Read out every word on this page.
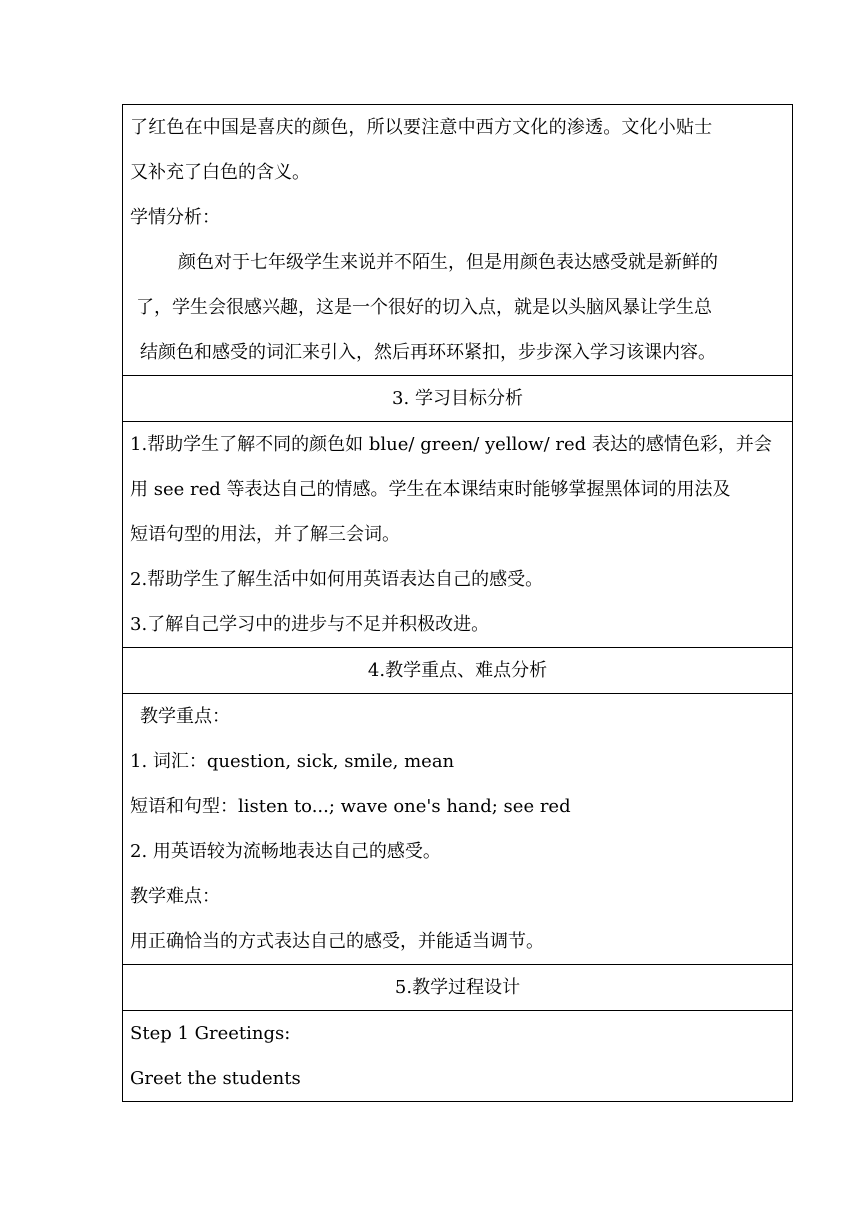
了红色在中国是喜庆的颜色，所以要注意中西方文化的渗透。文化小贴士
又补充了白色的含义。
学情分析：
颜色对于七年级学生来说并不陌生，但是用颜色表达感受就是新鲜的
了，学生会很感兴趣，这是一个很好的切入点，就是以头脑风暴让学生总
结颜色和感受的词汇来引入，然后再环环紧扣，步步深入学习该课内容。

3. 学习目标分析

1.帮助学生了解不同的颜色如 blue/ green/ yellow/ red 表达的感情色彩，并会
用 see red 等表达自己的情感。学生在本课结束时能够掌握黑体词的用法及
短语句型的用法，并了解三会词。
2.帮助学生了解生活中如何用英语表达自己的感受。
3.了解自己学习中的进步与不足并积极改进。

4.教学重点、难点分析

教学重点：
1. 词汇：question, sick, smile, mean
短语和句型：listen to...; wave one's hand; see red
2. 用英语较为流畅地表达自己的感受。
教学难点：
用正确恰当的方式表达自己的感受，并能适当调节。

5.教学过程设计

Step 1 Greetings:
Greet the students
